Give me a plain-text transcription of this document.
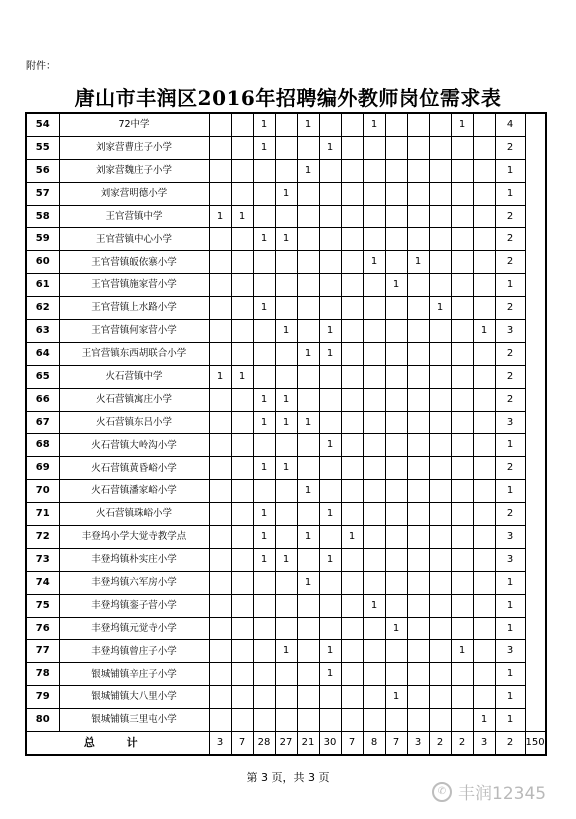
附件：
唐山市丰润区2016年招聘编外教师岗位需求表
54	72中学			1		1			1				1		4	
55	刘家营曹庄子小学			1			1								2	
56	刘家营魏庄子小学					1									1	
57	刘家营明德小学				1										1	
58	王官营镇中学	1	1												2	
59	王官营镇中心小学			1	1										2	
60	王官营镇皈依寨小学								1		1				2	
61	王官营镇施家营小学									1					1	
62	王官营镇上水路小学			1								1			2	
63	王官营镇何家营小学				1		1							1	3	
64	王官营镇东西胡联合小学					1	1								2	
65	火石营镇中学	1	1												2	
66	火石营镇寓庄小学			1	1										2	
67	火石营镇东吕小学			1	1	1									3	
68	火石营镇大岭沟小学						1								1	
69	火石营镇黄昏峪小学			1	1										2	
70	火石营镇潘家峪小学					1									1	
71	火石营镇珠峪小学			1			1								2	
72	丰登坞小学大觉寺教学点			1		1		1							3	
73	丰登坞镇朴实庄小学			1	1		1								3	
74	丰登坞镇六军房小学					1									1	
75	丰登坞镇銮子营小学								1						1	
76	丰登坞镇元觉寺小学									1					1	
77	丰登坞镇曾庄子小学				1		1						1		3	
78	银城铺镇辛庄子小学						1								1	
79	银城铺镇大八里小学									1					1	
80	银城铺镇三里屯小学													1	1	
总 计		3	7	28	27	21	30	7	8	7	3	2	2	3	2	150
第 3 页，共 3 页
✆ 丰润12345
